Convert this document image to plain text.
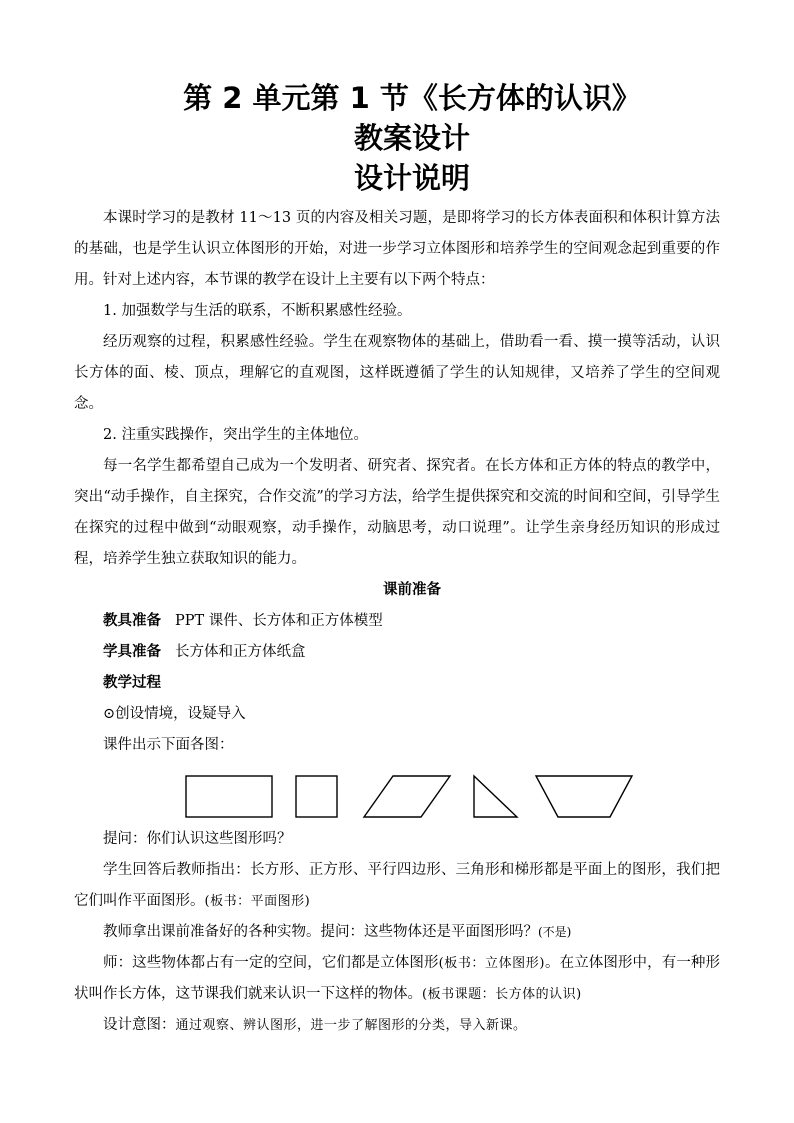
第 2 单元第 1 节《长方体的认识》
教案设计
设计说明

本课时学习的是教材 11～13 页的内容及相关习题，是即将学习的长方体表面积和体积计算方法的基础，也是学生认识立体图形的开始，对进一步学习立体图形和培养学生的空间观念起到重要的作用。针对上述内容，本节课的教学在设计上主要有以下两个特点：

1. 加强数学与生活的联系，不断积累感性经验。

经历观察的过程，积累感性经验。学生在观察物体的基础上，借助看一看、摸一摸等活动，认识长方体的面、棱、顶点，理解它的直观图，这样既遵循了学生的认知规律，又培养了学生的空间观念。

2. 注重实践操作，突出学生的主体地位。

每一名学生都希望自己成为一个发明者、研究者、探究者。在长方体和正方体的特点的教学中，突出“动手操作，自主探究，合作交流”的学习方法，给学生提供探究和交流的时间和空间，引导学生在探究的过程中做到“动眼观察，动手操作，动脑思考，动口说理”。让学生亲身经历知识的形成过程，培养学生独立获取知识的能力。

课前准备

教具准备 PPT 课件、长方体和正方体模型

学具准备 长方体和正方体纸盒

教学过程

⊙创设情境，设疑导入

课件出示下面各图：

提问：你们认识这些图形吗？

学生回答后教师指出：长方形、正方形、平行四边形、三角形和梯形都是平面上的图形，我们把它们叫作平面图形。(板书：平面图形)

教师拿出课前准备好的各种实物。提问：这些物体还是平面图形吗？(不是)

师：这些物体都占有一定的空间，它们都是立体图形(板书：立体图形)。在立体图形中，有一种形状叫作长方体，这节课我们就来认识一下这样的物体。(板书课题：长方体的认识)

设计意图：通过观察、辨认图形，进一步了解图形的分类，导入新课。
